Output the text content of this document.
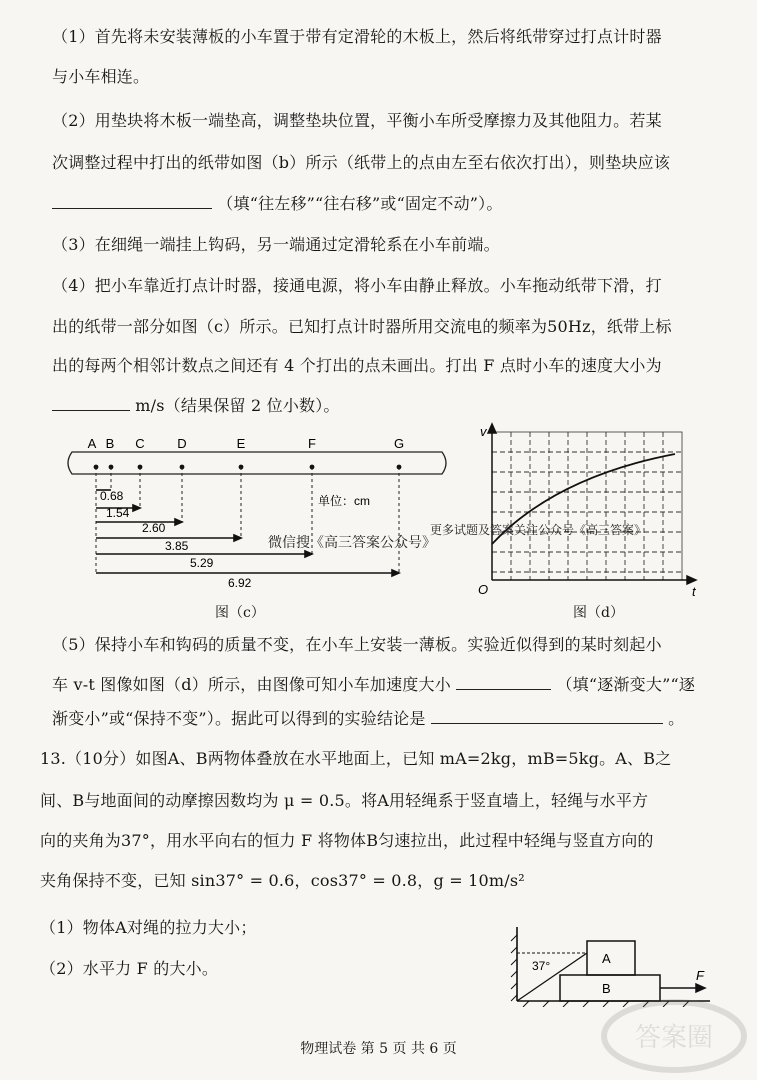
（1）首先将未安装薄板的小车置于带有定滑轮的木板上，然后将纸带穿过打点计时器
与小车相连。
（2）用垫块将木板一端垫高，调整垫块位置，平衡小车所受摩擦力及其他阻力。若某
次调整过程中打出的纸带如图（b）所示（纸带上的点由左至右依次打出），则垫块应该
（填“往左移”“往右移”或“固定不动”）。
（3）在细绳一端挂上钩码，另一端通过定滑轮系在小车前端。
（4）把小车靠近打点计时器，接通电源，将小车由静止释放。小车拖动纸带下滑，打
出的纸带一部分如图（c）所示。已知打点计时器所用交流电的频率为50Hz，纸带上标
出的每两个相邻计数点之间还有 4 个打出的点未画出。打出 F 点时小车的速度大小为
m/s（结果保留 2 位小数）。
A B C	D	E	F	G
0.68
1.54
2.60
3.85
5.29
6.92
单位：cm
图（c）
v
t
O
图（d）
更多试题及答案关注公众号《高三答案》
微信搜《高三答案公众号》
（5）保持小车和钩码的质量不变，在小车上安装一薄板。实验近似得到的某时刻起小
车 v-t 图像如图（d）所示，由图像可知小车加速度大小	（填“逐渐变大”“逐
渐变小”或“保持不变”）。据此可以得到的实验结论是	。
13.（10分）如图A、B两物体叠放在水平地面上，已知 mA=2kg，mB=5kg。A、B之
间、B与地面间的动摩擦因数均为 μ = 0.5。将A用轻绳系于竖直墙上，轻绳与水平方
向的夹角为37°，用水平向右的恒力 F 将物体B匀速拉出，此过程中轻绳与竖直方向的
夹角保持不变，已知 sin37° = 0.6，cos37° = 0.8，g = 10m/s²
（1）物体A对绳的拉力大小；
（2）水平力 F 的大小。
A
B
37°
F
物理试卷 第 5 页 共 6 页	答案圈
